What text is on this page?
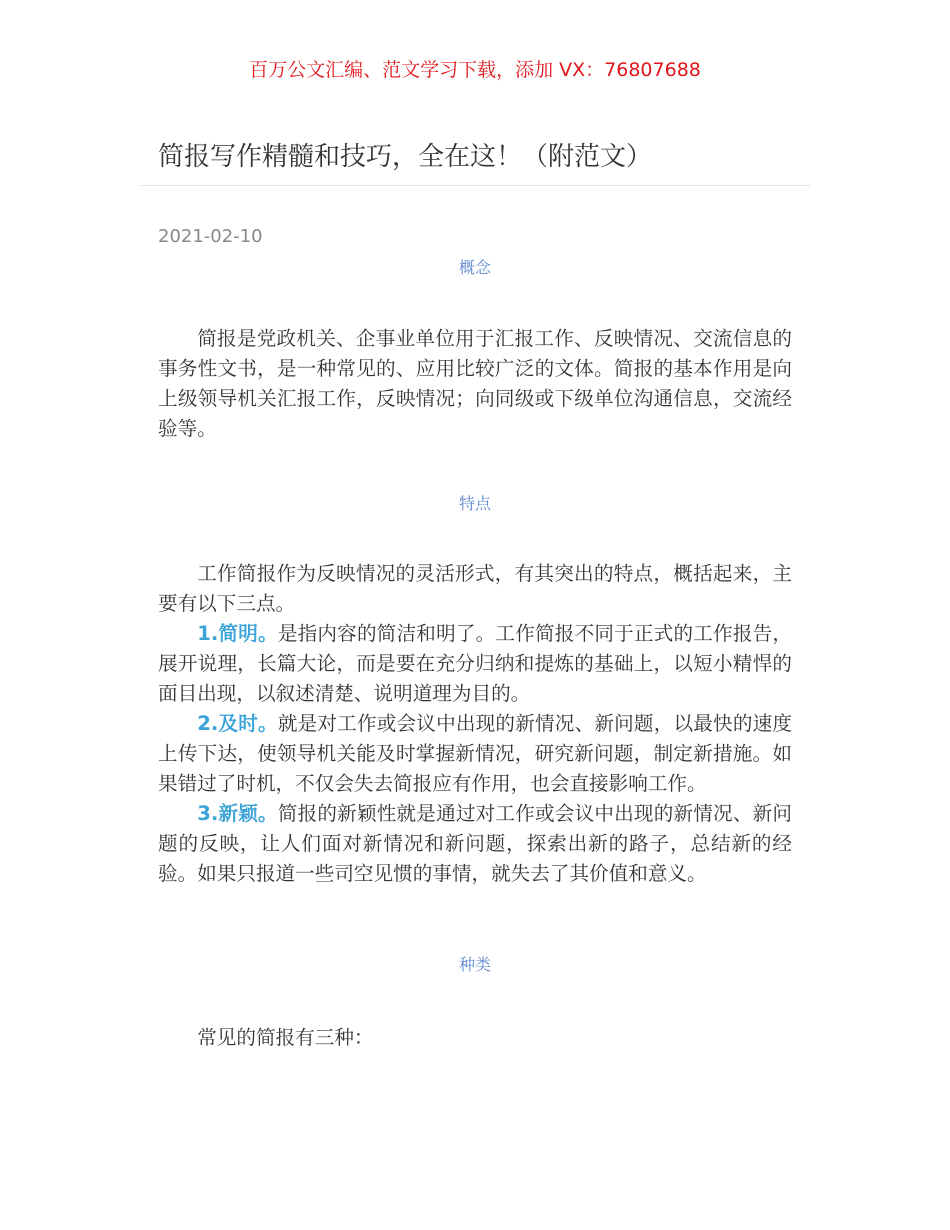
百万公文汇编、范文学习下载，添加 VX：76807688
简报写作精髓和技巧，全在这！（附范文）
2021-02-10
概念

简报是党政机关、企事业单位用于汇报工作、反映情况、交流信息的事务性文书，是一种常见的、应用比较广泛的文体。简报的基本作用是向上级领导机关汇报工作，反映情况；向同级或下级单位沟通信息，交流经验等。

特点

工作简报作为反映情况的灵活形式，有其突出的特点，概括起来，主要有以下三点。

1.简明。是指内容的简洁和明了。工作简报不同于正式的工作报告，展开说理，长篇大论，而是要在充分归纳和提炼的基础上，以短小精悍的面目出现，以叙述清楚、说明道理为目的。

2.及时。就是对工作或会议中出现的新情况、新问题，以最快的速度上传下达，使领导机关能及时掌握新情况，研究新问题，制定新措施。如果错过了时机，不仅会失去简报应有作用，也会直接影响工作。

3.新颖。简报的新颖性就是通过对工作或会议中出现的新情况、新问题的反映，让人们面对新情况和新问题，探索出新的路子，总结新的经验。如果只报道一些司空见惯的事情，就失去了其价值和意义。

种类

常见的简报有三种：
